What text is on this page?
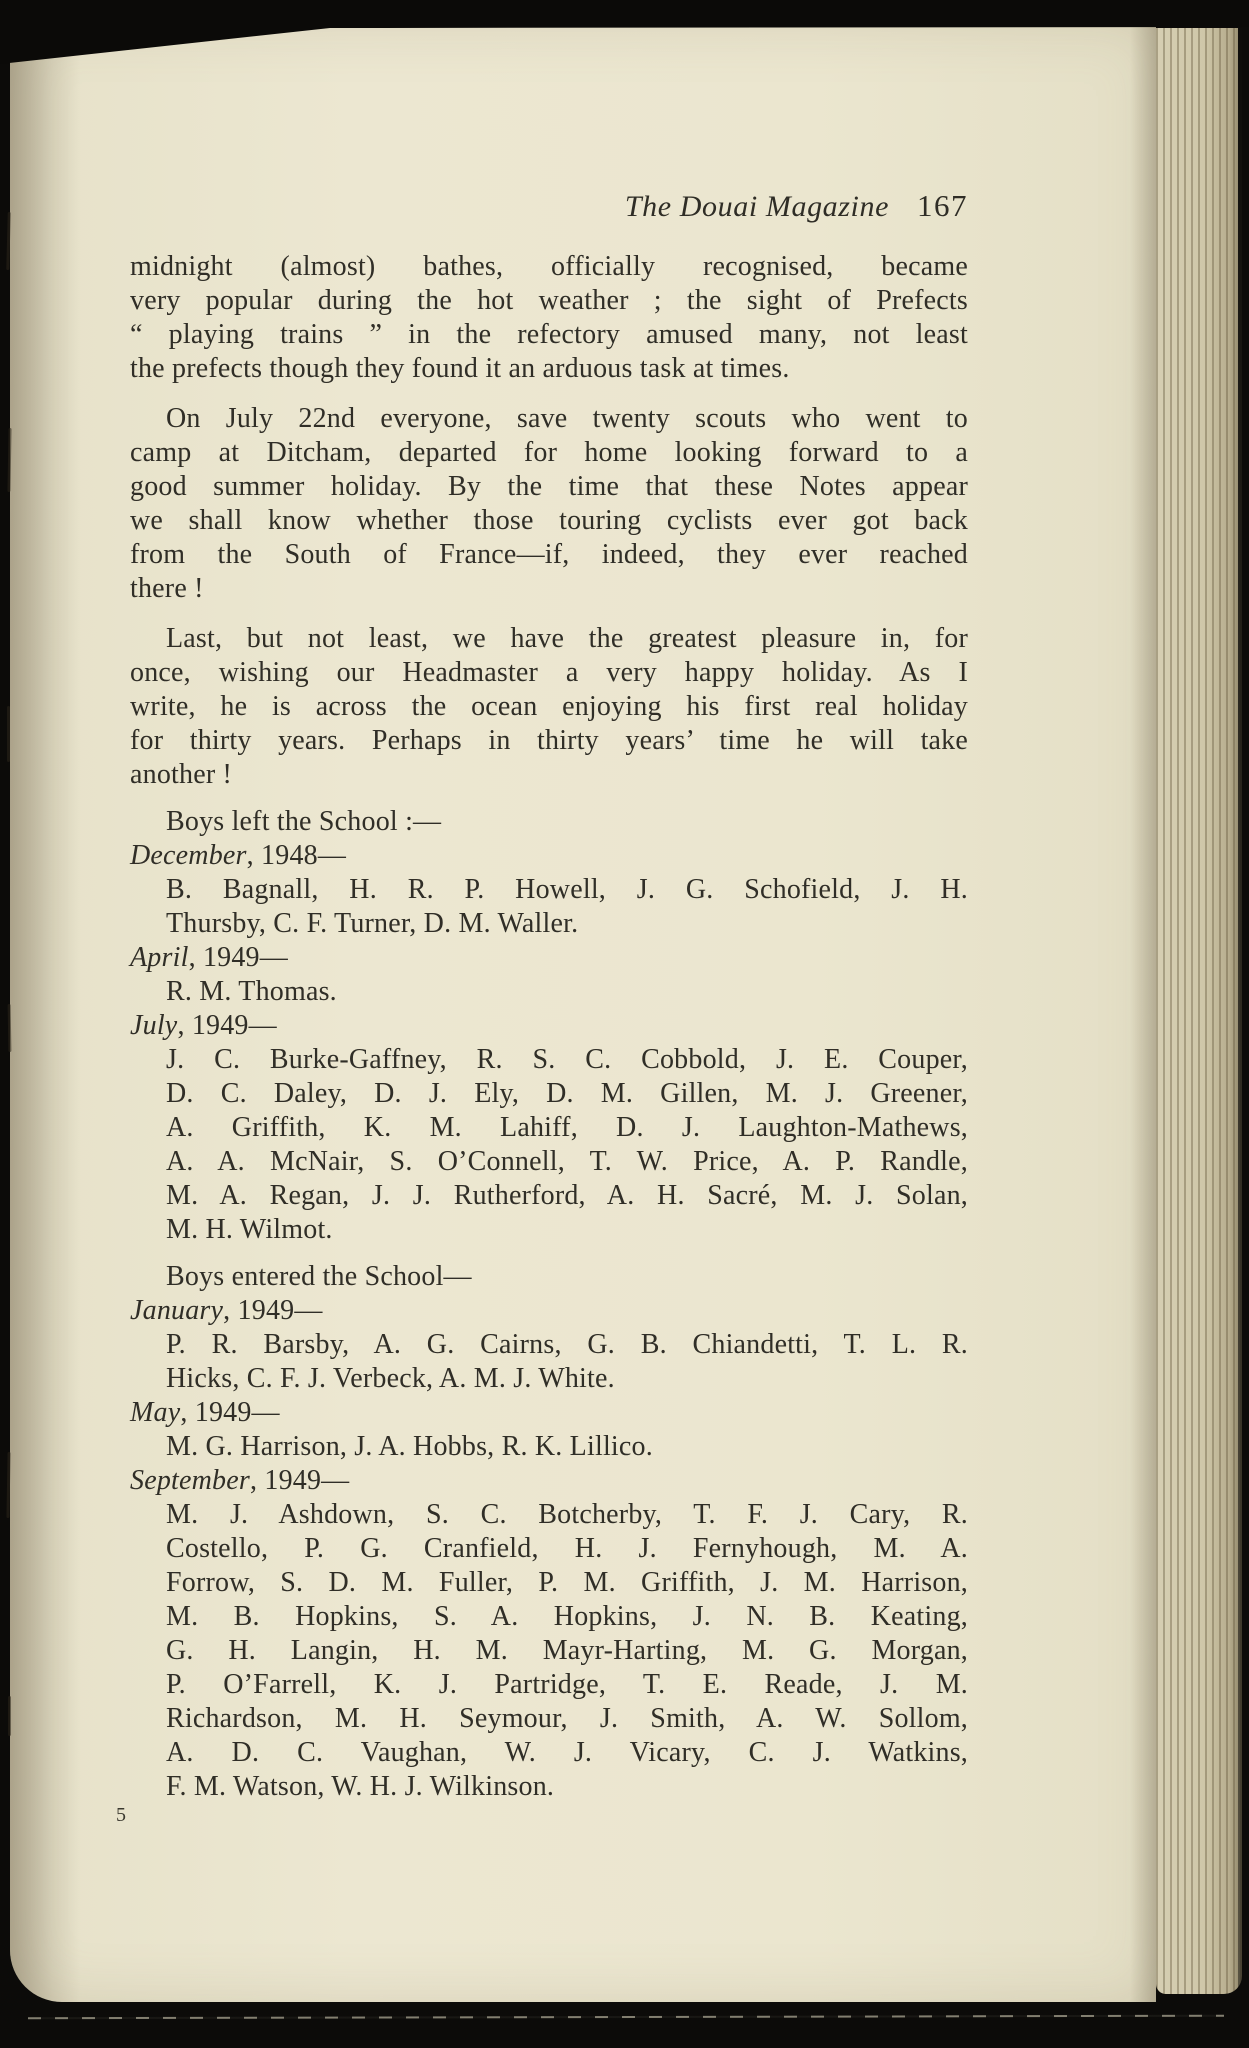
The Douai Magazine 167
midnight (almost) bathes, officially recognised, became
very popular during the hot weather ; the sight of Prefects
“ playing trains ” in the refectory amused many, not least
the prefects though they found it an arduous task at times.
On July 22nd everyone, save twenty scouts who went to
camp at Ditcham, departed for home looking forward to a
good summer holiday. By the time that these Notes appear
we shall know whether those touring cyclists ever got back
from the South of France—if, indeed, they ever reached
there !
Last, but not least, we have the greatest pleasure in, for
once, wishing our Headmaster a very happy holiday. As I
write, he is across the ocean enjoying his first real holiday
for thirty years. Perhaps in thirty years’ time he will take
another !
Boys left the School :—
December, 1948—
B. Bagnall, H. R. P. Howell, J. G. Schofield, J. H.
Thursby, C. F. Turner, D. M. Waller.
April, 1949—
R. M. Thomas.
July, 1949—
J. C. Burke-Gaffney, R. S. C. Cobbold, J. E. Couper,
D. C. Daley, D. J. Ely, D. M. Gillen, M. J. Greener,
A. Griffith, K. M. Lahiff, D. J. Laughton-Mathews,
A. A. McNair, S. O’Connell, T. W. Price, A. P. Randle,
M. A. Regan, J. J. Rutherford, A. H. Sacré, M. J. Solan,
M. H. Wilmot.
Boys entered the School—
January, 1949—
P. R. Barsby, A. G. Cairns, G. B. Chiandetti, T. L. R.
Hicks, C. F. J. Verbeck, A. M. J. White.
May, 1949—
M. G. Harrison, J. A. Hobbs, R. K. Lillico.
September, 1949—
M. J. Ashdown, S. C. Botcherby, T. F. J. Cary, R.
Costello, P. G. Cranfield, H. J. Fernyhough, M. A.
Forrow, S. D. M. Fuller, P. M. Griffith, J. M. Harrison,
M. B. Hopkins, S. A. Hopkins, J. N. B. Keating,
G. H. Langin, H. M. Mayr-Harting, M. G. Morgan,
P. O’Farrell, K. J. Partridge, T. E. Reade, J. M.
Richardson, M. H. Seymour, J. Smith, A. W. Sollom,
A. D. C. Vaughan, W. J. Vicary, C. J. Watkins,
F. M. Watson, W. H. J. Wilkinson.
5
